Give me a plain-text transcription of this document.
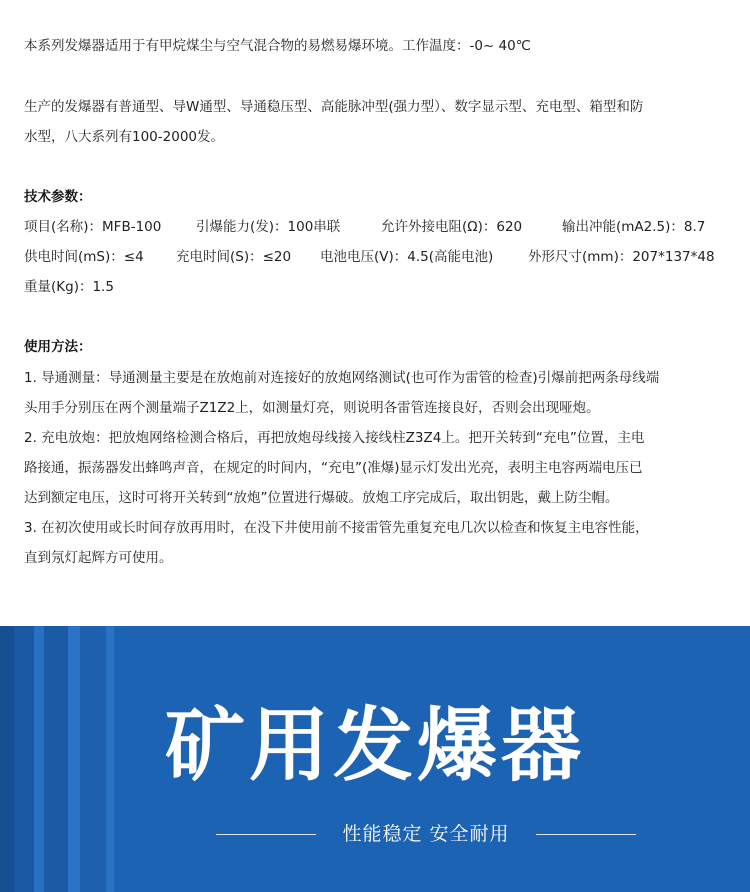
本系列发爆器适用于有甲烷煤尘与空气混合物的易燃易爆环境。工作温度：-0~ 40℃
生产的发爆器有普通型、导W通型、导通稳压型、高能脉冲型(强力型）、数字显示型、充电型、箱型和防
水型，八大系列有100-2000发。
技术参数：
项目(名称)：MFB-100	引爆能力(发)：100串联	允许外接电阻(Ω)：620	输出冲能(mA2.5)：8.7
供电时间(mS)：≤4 充电时间(S)：≤20 电池电压(V)：4.5(高能电池)	外形尺寸(mm)：207*137*48
重量(Kg)：1.5
使用方法：
1. 导通测量：导通测量主要是在放炮前对连接好的放炮网络测试(也可作为雷管的检查)引爆前把两条母线端
头用手分别压在两个测量端子Z1Z2上，如测量灯亮，则说明各雷管连接良好，否则会出现哑炮。
2. 充电放炮：把放炮网络检测合格后，再把放炮母线接入接线柱Z3Z4上。把开关转到“充电”位置，主电
路接通，振荡器发出蜂鸣声音，在规定的时间内，“充电”(准爆)显示灯发出光亮，表明主电容两端电压已
达到额定电压，这时可将开关转到“放炮”位置进行爆破。放炮工序完成后，取出钥匙，戴上防尘帽。
3. 在初次使用或长时间存放再用时，在没下井使用前不接雷管先重复充电几次以检查和恢复主电容性能，
直到氖灯起辉方可使用。
矿用发爆器
性能稳定 安全耐用
